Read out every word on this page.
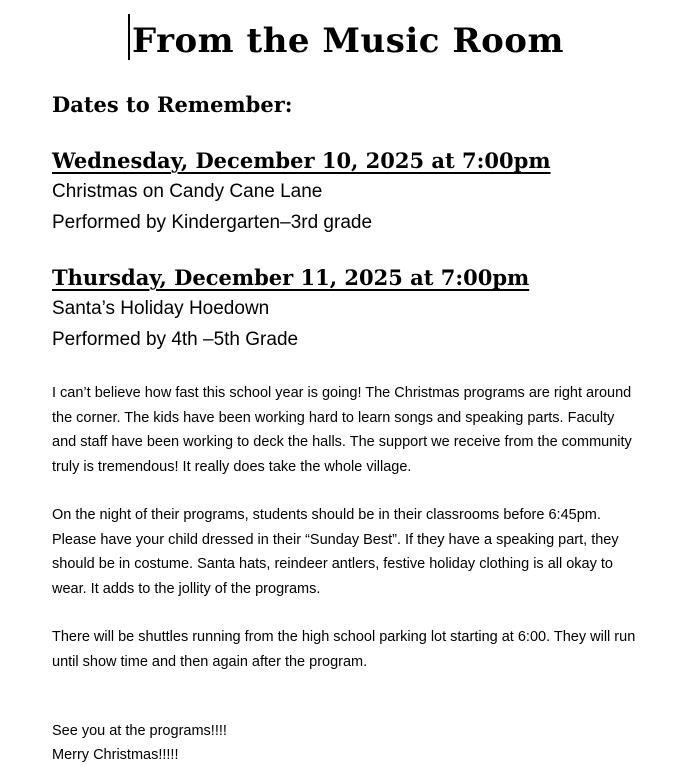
From the Music Room
Dates to Remember:

Wednesday, December 10, 2025 at 7:00pm

Christmas on Candy Cane Lane

Performed by Kindergarten–3rd grade

Thursday, December 11, 2025 at 7:00pm

Santa’s Holiday Hoedown

Performed by 4th –5th Grade

I can’t believe how fast this school year is going! The Christmas programs are right around the corner. The kids have been working hard to learn songs and speaking parts. Faculty and staff have been working to deck the halls. The support we receive from the community truly is tremendous! It really does take the whole village.

On the night of their programs, students should be in their classrooms before 6:45pm. Please have your child dressed in their “Sunday Best”. If they have a speaking part, they should be in costume. Santa hats, reindeer antlers, festive holiday clothing is all okay to wear. It adds to the jollity of the programs.

There will be shuttles running from the high school parking lot starting at 6:00. They will run until show time and then again after the program.

See you at the programs!!!!
Merry Christmas!!!!!
